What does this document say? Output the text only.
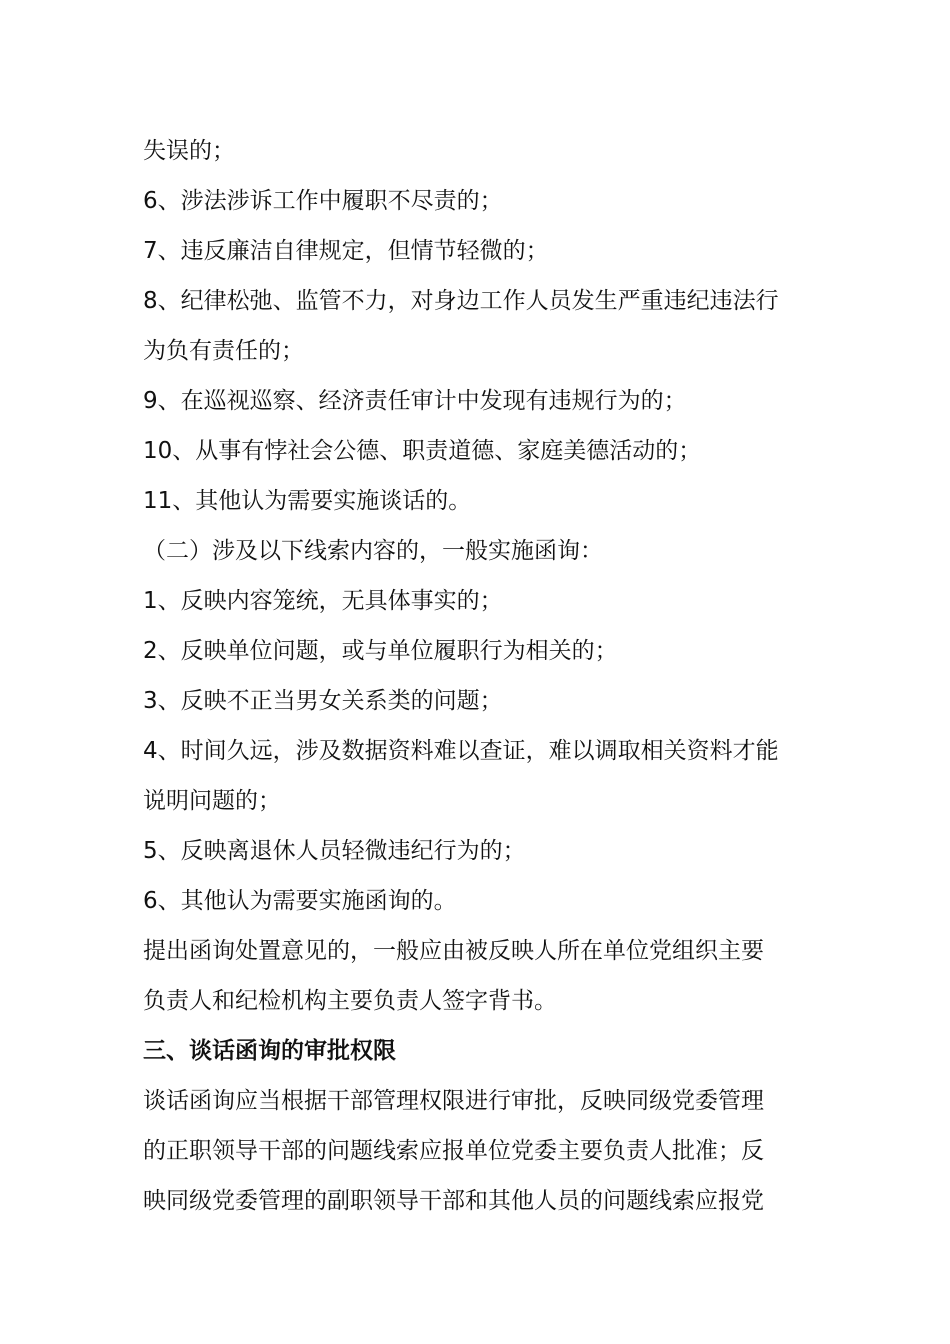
失误的；

6、涉法涉诉工作中履职不尽责的；

7、违反廉洁自律规定，但情节轻微的；

8、纪律松弛、监管不力，对身边工作人员发生严重违纪违法行

为负有责任的；

9、在巡视巡察、经济责任审计中发现有违规行为的；

10、从事有悖社会公德、职责道德、家庭美德活动的；

11、其他认为需要实施谈话的。

（二）涉及以下线索内容的，一般实施函询：

1、反映内容笼统，无具体事实的；

2、反映单位问题，或与单位履职行为相关的；

3、反映不正当男女关系类的问题；

4、时间久远，涉及数据资料难以查证，难以调取相关资料才能

说明问题的；

5、反映离退休人员轻微违纪行为的；

6、其他认为需要实施函询的。

提出函询处置意见的，一般应由被反映人所在单位党组织主要

负责人和纪检机构主要负责人签字背书。

三、谈话函询的审批权限

谈话函询应当根据干部管理权限进行审批，反映同级党委管理

的正职领导干部的问题线索应报单位党委主要负责人批准；反

映同级党委管理的副职领导干部和其他人员的问题线索应报党
